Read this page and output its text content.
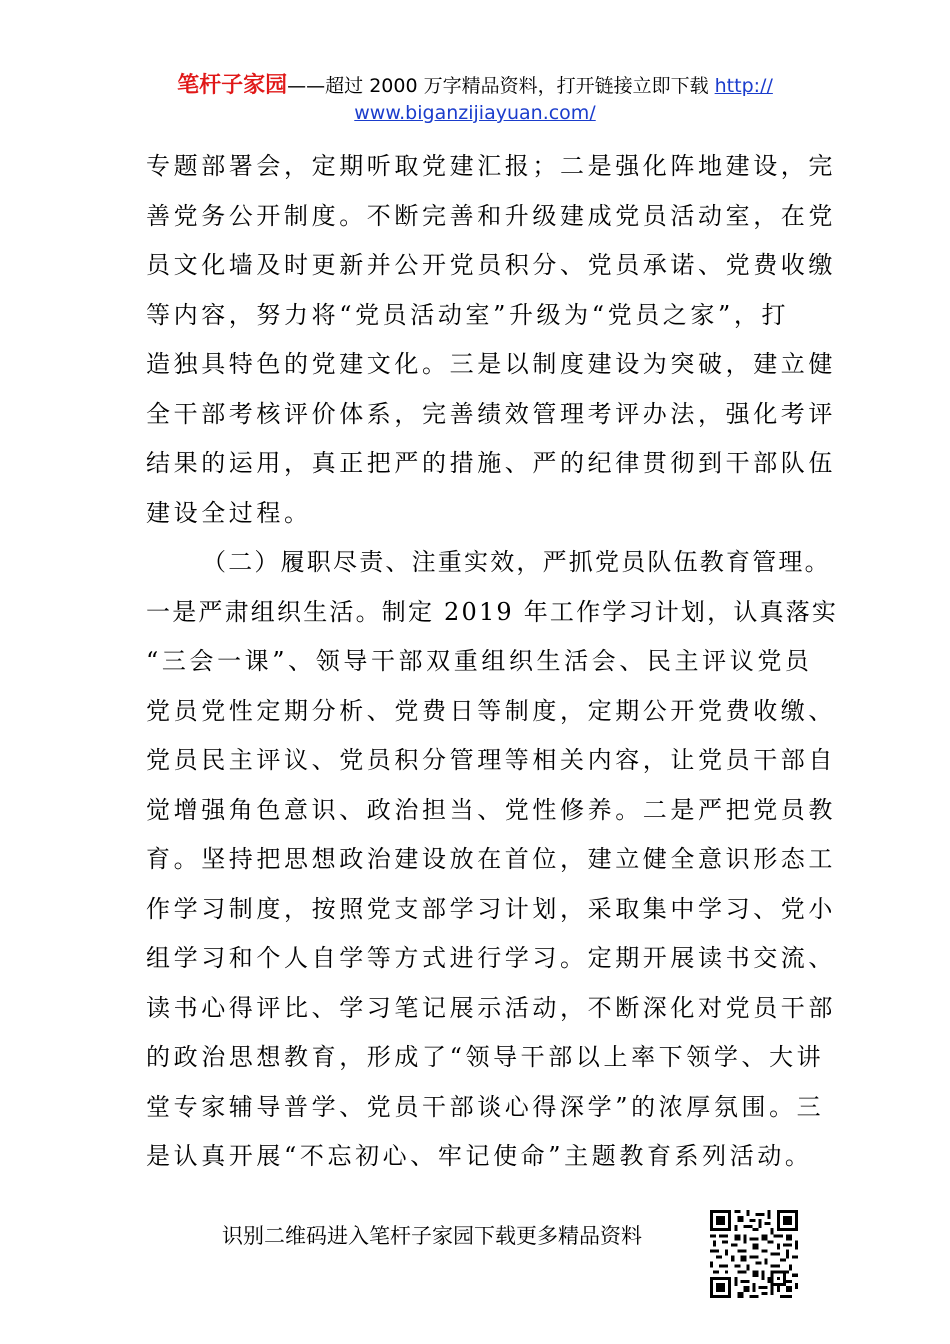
笔杆子家园——超过 2000 万字精品资料，打开链接立即下载 http://
www.biganzijiayuan.com/
专题部署会，定期听取党建汇报；二是强化阵地建设，完
善党务公开制度。不断完善和升级建成党员活动室，在党
员文化墙及时更新并公开党员积分、党员承诺、党费收缴
等内容，努力将“党员活动室”升级为“党员之家”，打
造独具特色的党建文化。三是以制度建设为突破，建立健
全干部考核评价体系，完善绩效管理考评办法，强化考评
结果的运用，真正把严的措施、严的纪律贯彻到干部队伍
建设全过程。
（二）履职尽责、注重实效，严抓党员队伍教育管理。
一是严肃组织生活。制定 2019 年工作学习计划，认真落实
“三会一课”、领导干部双重组织生活会、民主评议党员
党员党性定期分析、党费日等制度，定期公开党费收缴、
党员民主评议、党员积分管理等相关内容，让党员干部自
觉增强角色意识、政治担当、党性修养。二是严把党员教
育。坚持把思想政治建设放在首位，建立健全意识形态工
作学习制度，按照党支部学习计划，采取集中学习、党小
组学习和个人自学等方式进行学习。定期开展读书交流、
读书心得评比、学习笔记展示活动，不断深化对党员干部
的政治思想教育，形成了“领导干部以上率下领学、大讲
堂专家辅导普学、党员干部谈心得深学”的浓厚氛围。三
是认真开展“不忘初心、牢记使命”主题教育系列活动。
识别二维码进入笔杆子家园下载更多精品资料
